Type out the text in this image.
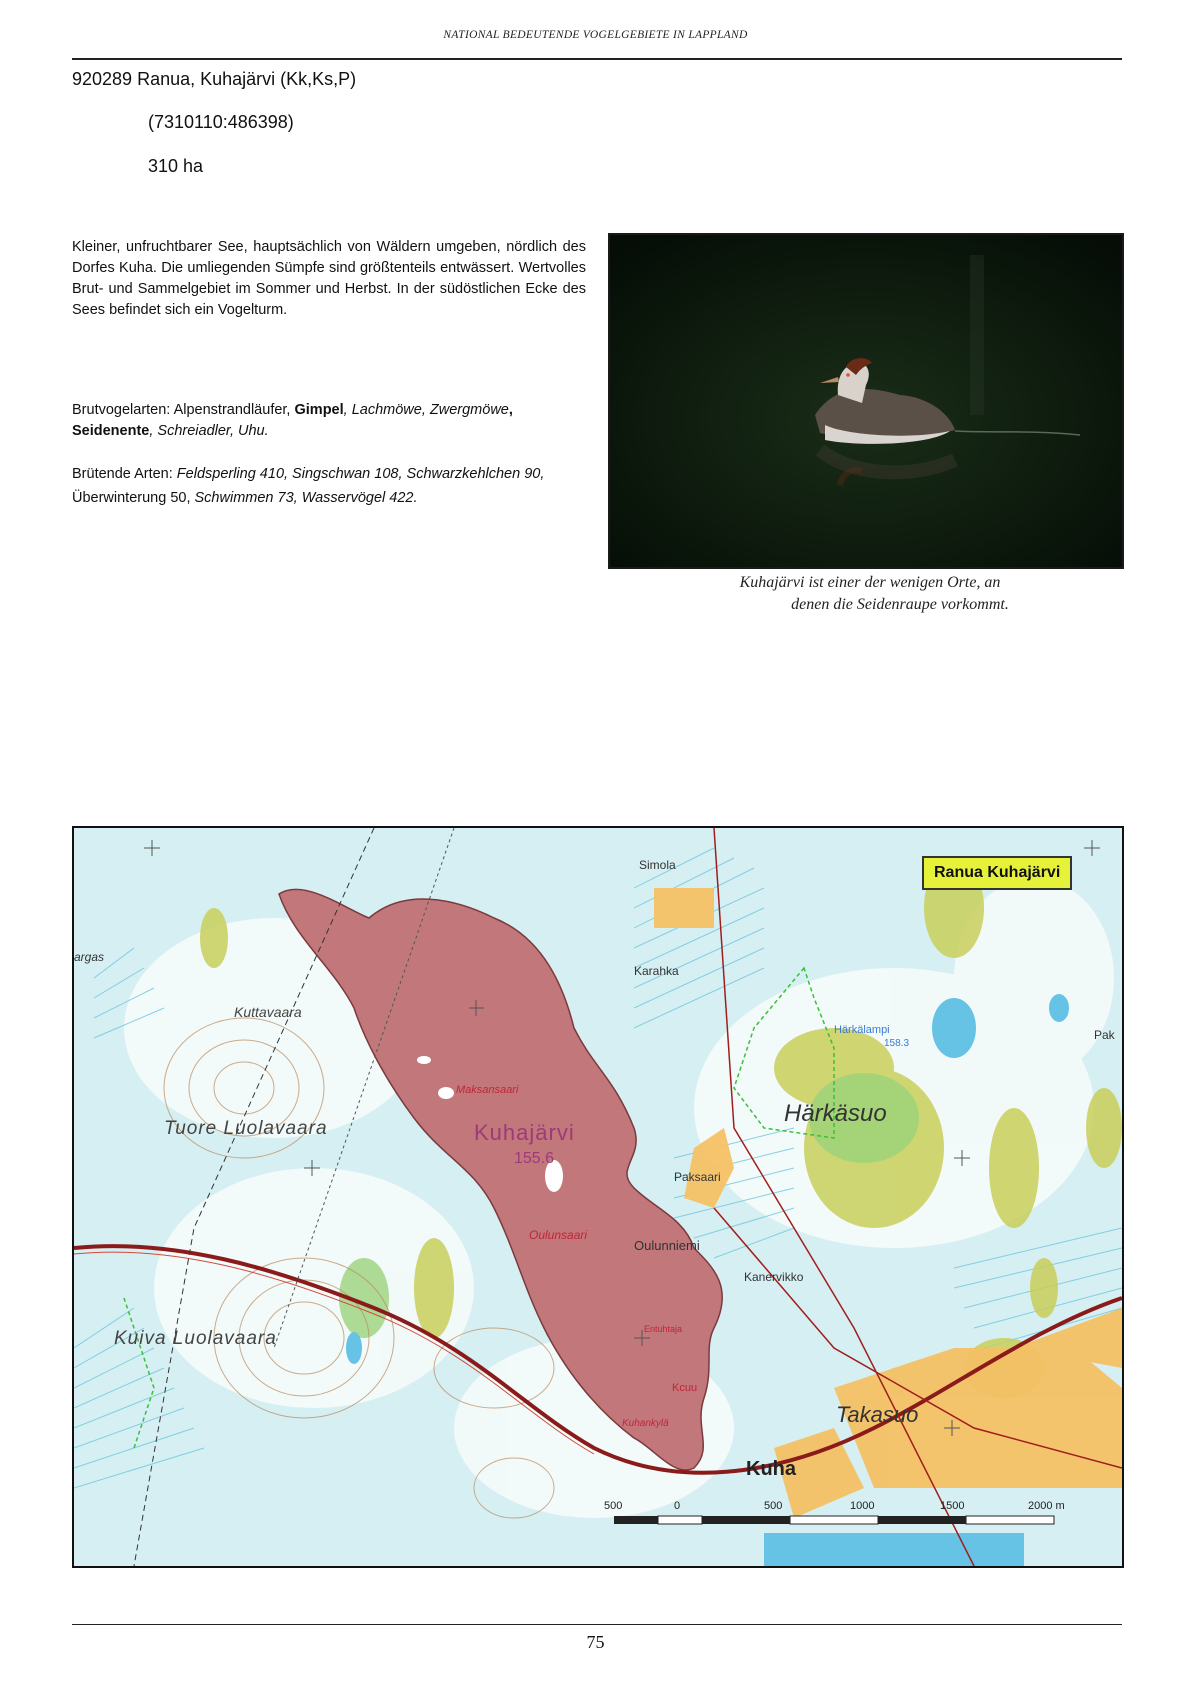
NATIONAL BEDEUTENDE VOGELGEBIETE IN LAPPLAND
920289 Ranua, Kuhajärvi (Kk,Ks,P)
(7310110:486398)
310 ha
Kleiner, unfruchtbarer See, hauptsächlich von Wäldern umgeben, nördlich des Dorfes Kuha. Die umliegenden Sümpfe sind größtenteils entwässert. Wertvolles Brut- und Sammelgebiet im Sommer und Herbst. In der südöstlichen Ecke des Sees befindet sich ein Vogelturm.
Brutvogelarten: Alpenstrandläufer, Gimpel, Lachmöwe, Zwergmöwe,
Seidenente, Schreiadler, Uhu.
Brütende Arten: Feldsperling 410, Singschwan 108, Schwarzkehlchen 90, Überwinterung 50, Schwimmen 73, Wasservögel 422.
Kuhajärvi ist einer der wenigen Orte, an
denen die Seidenraupe vorkommt.
Ranua Kuhajärvi
Simola
Karahka
argas
Kuttavaara
Tuore Luolavaara
Kuiva Luolavaara
Kuhajärvi
155.6
Maksansaari
Oulunsaari
Paksaari
Oulunniemi
Kanervikko
Härkäsuo
Härkälampi
158.3
Pak
Takasuo
Kuha
Kcuu
Entuhtaja
Kuhankylä
500	0	500	1000	1500	2000 m
75
